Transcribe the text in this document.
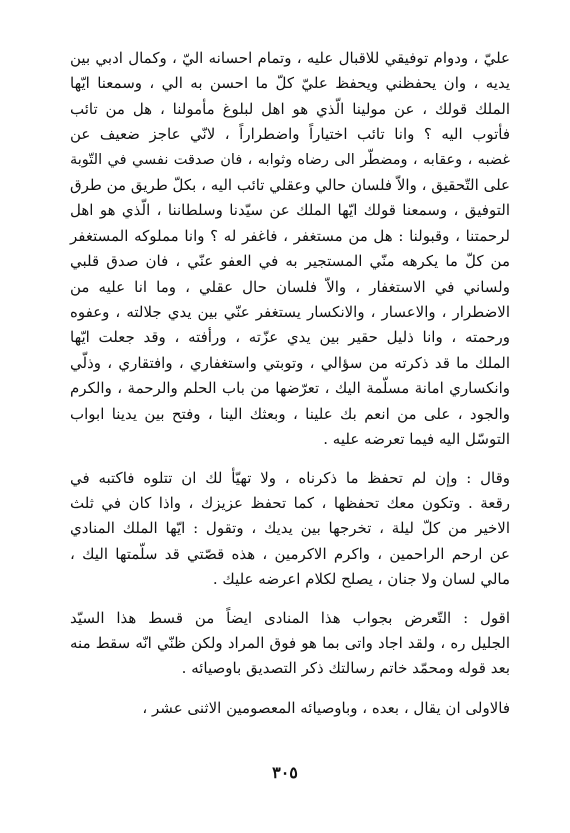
عليّ ، ودوام توفيقي للاقبال عليه ، وتمام احسانه اليّ ، وكمال ادبي بين
يديه ، وان يحفظني ويحفظ عليّ كلّ ما احسن به الي ، وسمعنا ايّها
الملك قولك ، عن مولينا الّذي هو اهل لبلوغ مأمولنا ، هل من تائب
فأتوب اليه ؟ وانا تائب اختياراً واضطراراً ، لانّي عاجز ضعيف عن
غضبه ، وعقابه ، ومضطّر الى رضاه وثوابه ، فان صدقت نفسي في التّوبة
على التّحقيق ، والاّ فلسان حالي وعقلي تائب اليه ، بكلّ طريق من طرق
التوفيق ، وسمعنا قولك ايّها الملك عن سيّدنا وسلطاننا ، الّذي هو اهل
لرحمتنا ، وقبولنا : هل من مستغفر ، فاغفر له ؟ وانا مملوكه المستغفر
من كلّ ما يكرهه منّي المستجير به في العفو عنّي ، فان صدق قلبي
ولساني في الاستغفار ، والاّ فلسان حال عقلي ، وما انا عليه من
الاضطرار ، والاعسار ، والانكسار يستغفر عنّي بين يدي جلالته ، وعفوه
ورحمته ، وانا ذليل حقير بين يدي عزّته ، ورأفته ، وقد جعلت ايّها
الملك ما قد ذكرته من سؤالي ، وتوبتي واستغفاري ، وافتقاري ، وذلّي
وانكساري امانة مسلّمة اليك ، تعرّضها من باب الحلم والرحمة ، والكرم
والجود ، على من انعم بك علينا ، وبعثك الينا ، وفتح بين يدينا ابواب
التوسّل اليه فيما تعرضه عليه .
وقال : وإن لم تحفظ ما ذكرناه ، ولا تهيّأ لك ان تتلوه فاكتبه في
رقعة . وتكون معك تحفظها ، كما تحفظ عزيزك ، واذا كان في ثلث
الاخير من كلّ ليلة ، تخرجها بين يديك ، وتقول : ايّها الملك المنادي
عن ارحم الراحمين ، واكرم الاكرمين ، هذه قصّتي قد سلّمتها اليك ،
مالي لسان ولا جنان ، يصلح لكلام اعرضه عليك .
اقول : التّعرض بجواب هذا المنادى ايضاً من قسط هذا السيّد
الجليل ره ، ولقد اجاد واتى بما هو فوق المراد ولكن ظنّي انّه سقط منه
بعد قوله ومحمّد خاتم رسالتك ذكر التصديق باوصيائه .
فالاولى ان يقال ، بعده ، وباوصيائه المعصومين الاثنى عشر ،
٣٠٥
